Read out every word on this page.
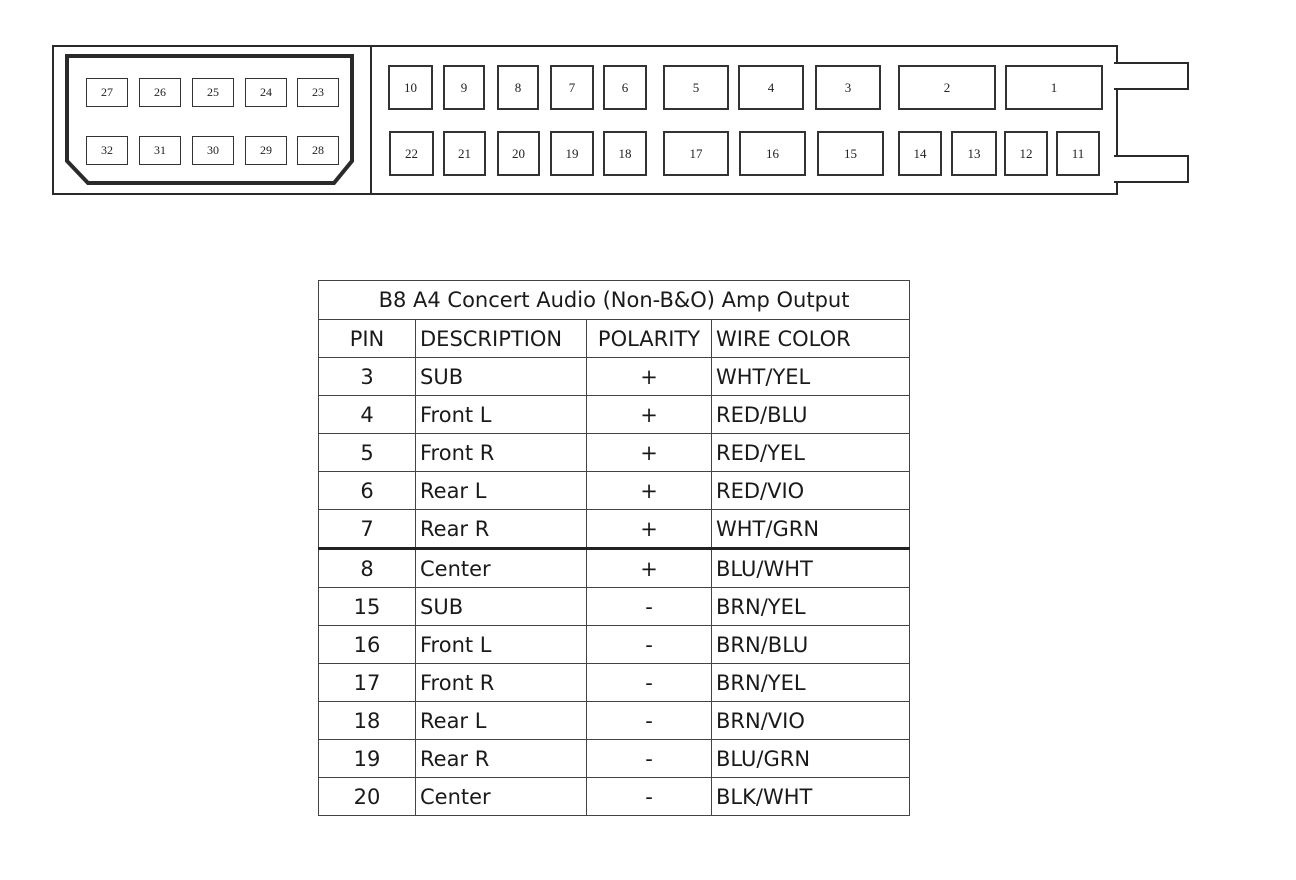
27	26	25	24	23
32	31	30	29	28
10	9	8	7	6	5	4	3	2	1
22	21	20	19	18	17	16	15	14	13	12	11
B8 A4 Concert Audio (Non-B&O) Amp Output			
PIN	DESCRIPTION	POLARITY	WIRE COLOR
3	SUB	+	WHT/YEL
4	Front L	+	RED/BLU
5	Front R	+	RED/YEL
6	Rear L	+	RED/VIO
7	Rear R	+	WHT/GRN
8	Center	+	BLU/WHT
15	SUB	-	BRN/YEL
16	Front L	-	BRN/BLU
17	Front R	-	BRN/YEL
18	Rear L	-	BRN/VIO
19	Rear R	-	BLU/GRN
20	Center	-	BLK/WHT
